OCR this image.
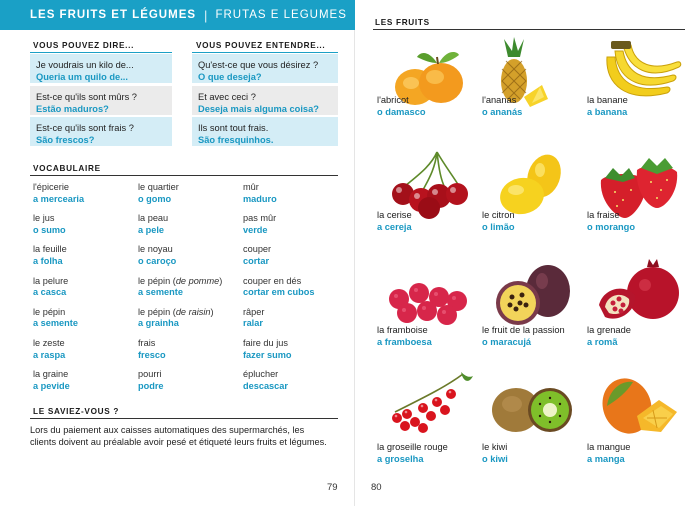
LES FRUITS ET LÉGUMES | FRUTAS E LEGUMES
VOUS POUVEZ DIRE...
Je voudrais un kilo de...
Queria um quilo de...
Est-ce qu'ils sont mûrs ?
Estão maduros?
Est-ce qu'ils sont frais ?
São frescos?
VOUS POUVEZ ENTENDRE...
Qu'est-ce que vous désirez ?
O que deseja?
Et avec ceci ?
Deseja mais alguma coisa?
Ils sont tout frais.
São fresquinhos.
VOCABULAIRE
l'épicerie
a mercearia
le jus
o sumo
la feuille
a folha
la pelure
a casca
le pépin
a semente
le zeste
a raspa
la graine
a pevide
le quartier
o gomo
la peau
a pele
le noyau
o caroço
le pépin (de pomme)
a semente
le pépin (de raisin)
a grainha
frais
fresco
pourri
podre
mûr
maduro
pas mûr
verde
couper
cortar
couper en dés
cortar em cubos
râper
ralar
faire du jus
fazer sumo
éplucher
descascar
LE SAVIEZ-VOUS ?
Lors du paiement aux caisses automatiques des supermarchés, les clients doivent au préalable avoir pesé et étiqueté leurs fruits et légumes.
79
LES FRUITS
l'abricot
o damasco
l'ananas
o ananás
la banane
a banana
la cerise
a cereja
le citron
o limão
la fraise
o morango
la framboise
a framboesa
le fruit de la passion
o maracujá
la grenade
a romã
la groseille rouge
a groselha
le kiwi
o kiwi
la mangue
a manga
80
